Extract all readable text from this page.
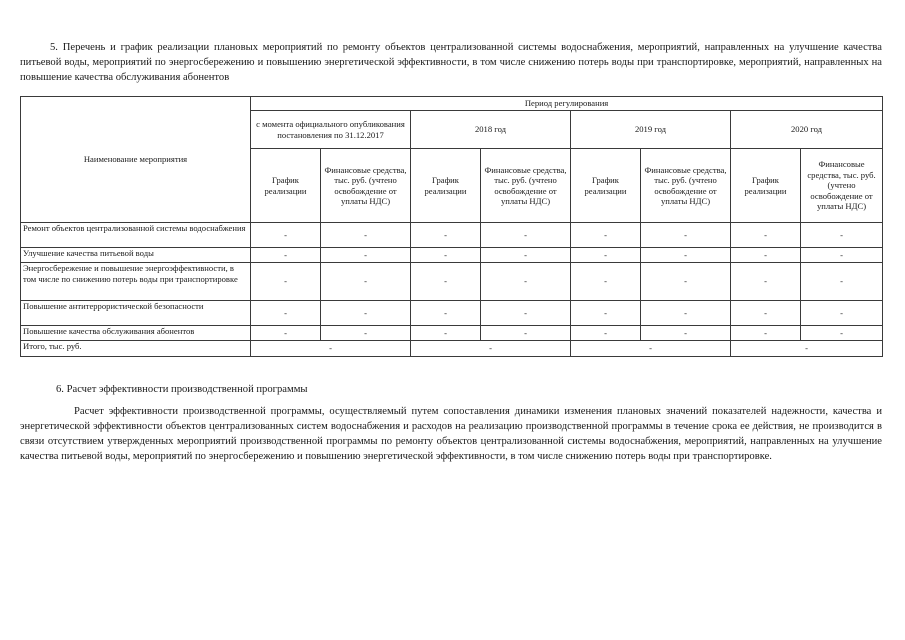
5. Перечень и график реализации плановых мероприятий по ремонту объектов централизованной системы водоснабжения, мероприятий, направленных на улучшение качества питьевой воды, мероприятий по энергосбережению и повышению энергетической эффективности, в том числе снижению потерь воды при транспортировке, мероприятий, направленных на повышение качества обслуживания абонентов
Наименование мероприятия	Период регулирования							
	с момента официального опубликования постановления по 31.12.2017		2018 год		2019 год		2020 год	
	График реализации	Финансовые средства, тыс. руб. (учтено освобождение от уплаты НДС)	График реализации	Финансовые средства, тыс. руб. (учтено освобождение от уплаты НДС)	График реализации	Финансовые средства, тыс. руб. (учтено освобождение от уплаты НДС)	График реализации	Финансовые средства, тыс. руб. (учтено освобождение от уплаты НДС)
Ремонт объектов централизованной системы водоснабжения	-	-	-	-	-	-	-	-
Улучшение качества питьевой воды	-	-	-	-	-	-	-	-
Энергосбережение и повышение энергоэффективности, в том числе по снижению потерь воды при транспортировке	-	-	-	-	-	-	-	-
Повышение антитеррористической безопасности	-	-	-	-	-	-	-	-
Повышение качества обслуживания абонентов	-	-	-	-	-	-	-	-
Итого, тыс. руб.	-		-		-		-	
6. Расчет эффективности производственной программы
Расчет эффективности производственной программы, осуществляемый путем сопоставления динамики изменения плановых значений показателей надежности, качества и энергетической эффективности объектов централизованных систем водоснабжения и расходов на реализацию производственной программы в течение срока ее действия, не производится в связи отсутствием утвержденных мероприятий производственной программы по ремонту объектов централизованной системы водоснабжения, мероприятий, направленных на улучшение качества питьевой воды, мероприятий по энергосбережению и повышению энергетической эффективности, в том числе снижению потерь воды при транспортировке.
